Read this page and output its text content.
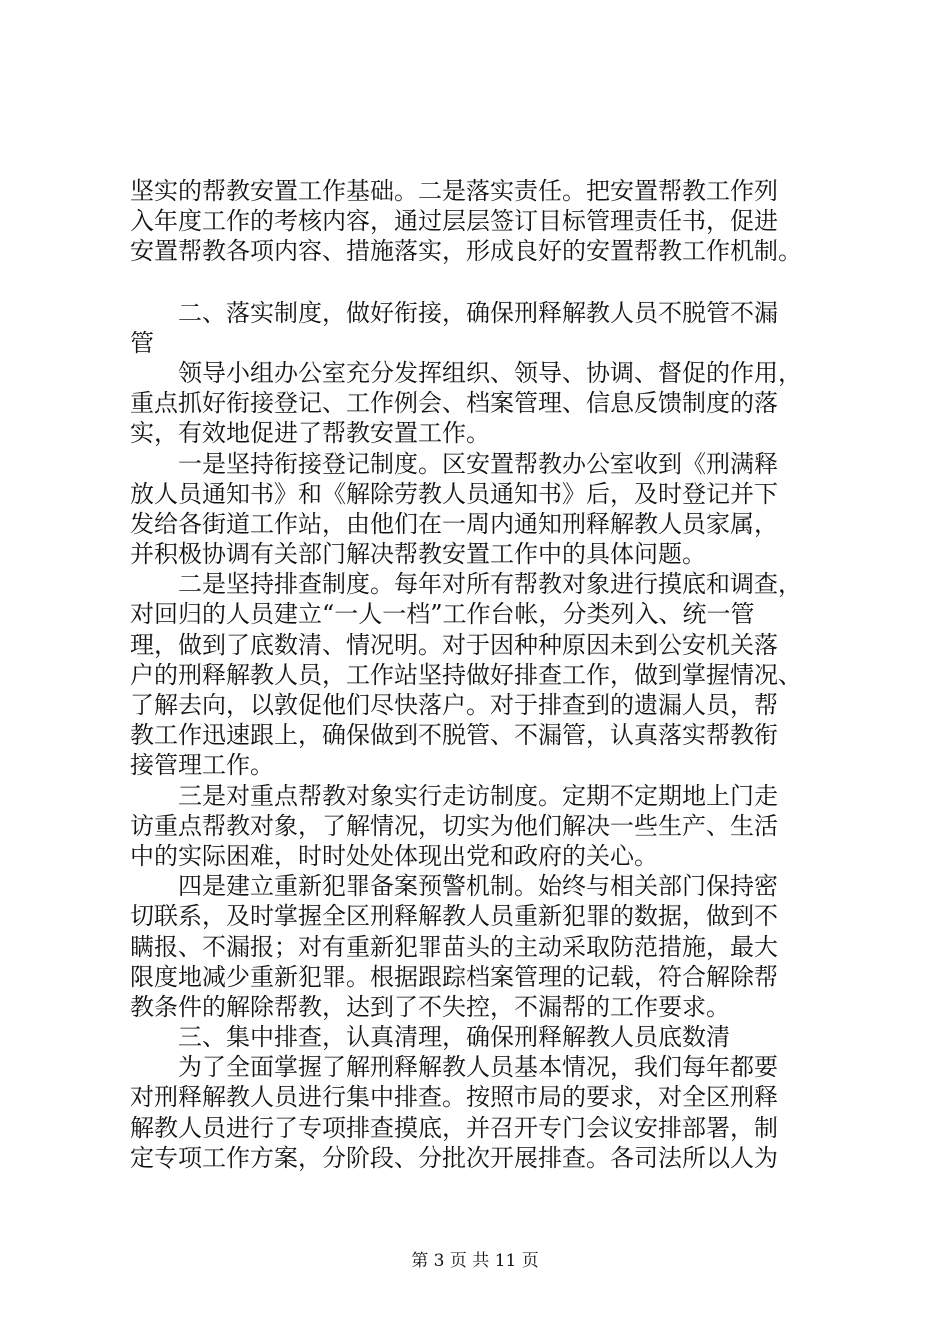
坚实的帮教安置工作基础。二是落实责任。把安置帮教工作列
入年度工作的考核内容，通过层层签订目标管理责任书，促进
安置帮教各项内容、措施落实，形成良好的安置帮教工作机制。
　　二、落实制度，做好衔接，确保刑释解教人员不脱管不漏
管
　　领导小组办公室充分发挥组织、领导、协调、督促的作用，
重点抓好衔接登记、工作例会、档案管理、信息反馈制度的落
实，有效地促进了帮教安置工作。
　　一是坚持衔接登记制度。区安置帮教办公室收到《刑满释
放人员通知书》和《解除劳教人员通知书》后，及时登记并下
发给各街道工作站，由他们在一周内通知刑释解教人员家属，
并积极协调有关部门解决帮教安置工作中的具体问题。
　　二是坚持排查制度。每年对所有帮教对象进行摸底和调查，
对回归的人员建立“一人一档”工作台帐，分类列入、统一管
理，做到了底数清、情况明。对于因种种原因未到公安机关落
户的刑释解教人员，工作站坚持做好排查工作，做到掌握情况、
了解去向，以敦促他们尽快落户。对于排查到的遗漏人员，帮
教工作迅速跟上，确保做到不脱管、不漏管，认真落实帮教衔
接管理工作。
　　三是对重点帮教对象实行走访制度。定期不定期地上门走
访重点帮教对象，了解情况，切实为他们解决一些生产、生活
中的实际困难，时时处处体现出党和政府的关心。
　　四是建立重新犯罪备案预警机制。始终与相关部门保持密
切联系，及时掌握全区刑释解教人员重新犯罪的数据，做到不
瞒报、不漏报；对有重新犯罪苗头的主动采取防范措施，最大
限度地减少重新犯罪。根据跟踪档案管理的记载，符合解除帮
教条件的解除帮教，达到了不失控，不漏帮的工作要求。
　　三、集中排查，认真清理，确保刑释解教人员底数清
　　为了全面掌握了解刑释解教人员基本情况，我们每年都要
对刑释解教人员进行集中排查。按照市局的要求，对全区刑释
解教人员进行了专项排查摸底，并召开专门会议安排部署，制
定专项工作方案，分阶段、分批次开展排查。各司法所以人为
第 3 页 共 11 页
